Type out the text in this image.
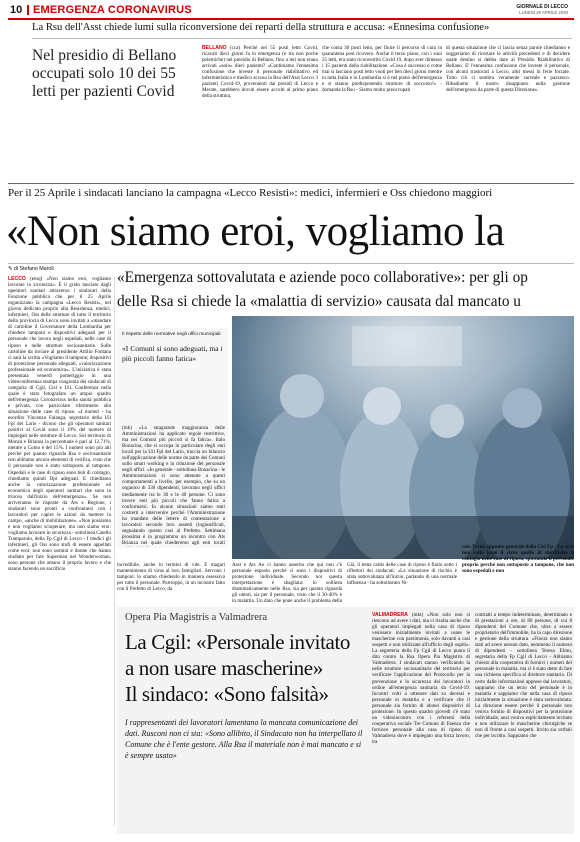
10 EMERGENZA CORONAVIRUS	GIORNALE DI LECCO
LUNEDÌ 20 APRILE 2020
La Rsu dell'Asst chiede lumi sulla riconversione dei reparti della struttura e accusa: «Ennesima confusione»
Nel presidio di Bellano occupati solo 10 dei 55 letti per pazienti Covid
BELLANO (cca) Perché nei 55 posti letto Covid, ricavati dieci giorni fa in emergenza (e tra non poche polemiche) nel presidio di Bellano, fino a ieri non erano arrivati «solo» dieci pazienti? «Continiamo l'ennesima confusione che investe il personale riabilitativo ed infermieristico e medico accusa la Rsu dell'Asst Lecco. I pazienti Covid-19, provenienti dai presidi di Lecco e Merate, sarebbero dovuti essere accolti al primo piano della struttura,
che conta 30 posti letto, per finire il percorso di cura in quarantena post ricovero. Anche il terzo piano, con i suoi 25 letti, era stato riconvertito Covid 19, dopo aver dimesso i 15 pazienti della riabilitazione. «Cosa è successo e come mai si lasciano posti letto vuoti per ben dieci giorni mentre in tutta Italia e in Lombardia si è nel pieno dell'emergenza e si stanno predisponendo strutture di soccorso?» - domanda la Rsu - Siamo molto preoccupati
di questa situazione che ci lascia senza parole chiedianno e suggeriamo di ricertare le attività precedenti e di decidere quale destino si debba dare al Presidio Riabilitativo di Bellano. E' l'ennesima confusione che investe il personale, con alcuni traslocati a Lecco, altri messi in ferie forzate. Tutto ciò ci sembra veramente surreale e pazzesco. Ribadiamo il nostro disappunto nella gestione dell'emergenza da parte di questa Direzione».
Per il 25 Aprile i sindacati lanciano la campagna «Lecco Resisti»: medici, infermieri e Oss chiedono maggiori
«Non siamo eroi, vogliamo la
✎ di Stefano Maroli	«Emergenza sottovalutata e aziende poco collaborative»: per gli op
delle Rsa si chiede la «malattia di servizio» causata dal mancato u
LECCO (emq) «Non siamo eroi, vogliamo lavorare in sicurezza». È il grido lanciato dagli operatori sanitari attraverso i sindacati della Funzione pubblica che per il 25 Aprile organizzano la campagna «Lecco Resisti», nel giorno dedicato proprio alla Resistenza, medici, infermieri, Oss delle strutture di tutto il territorio della provincia di Lecco sono invitati a «mandare di cartoline il Governatore della Lombardia per chiedere tamponi e dispositivi adeguati per il personale che lavora negli ospedali, nelle case di riposo e nelle strutture sociosanitarie. Sulle cartoline da inviare al presidente Attilio Fontana ci sarà la scritta «Vogliamo il tampone; dispositivi di protezione personale adeguati, «valorizzazione professionale ed economica». L'iniziativa è stata presentata venerdì pomeriggio in una videoconferenza stampa congiunta dei sindacati di categoria di Cgil, Cisl e Uil. Conferenza nella quale è stato fotografato un ampio quadro dell'emergenza Coronavirus nella sanità pubblica e privata, con particolare riferimento alla situazione delle case di riposo. «I numeri - ha esordito Vincenzo Falanga, segretario della Uil Fpl del Lario - dicono che gli operatori sanitari positivi al Covid sono il 19% del numero di impiegati nelle strutture di Lecco. Sul territorio di Monza e Brianza la percentuale è pari al 12,71%, mentre a Como è del 15%. I numeri sono più alti perché per quanto riguarda Rsa e sociosanitarie non abbiamo ancora elementi di verifica, visto che il personale non è stato sottoposto al tampone. Ospedali e le case di riposo sono hub di contagio, chiediamo quindi Dpi adeguati. E chiediamo anche la valorizzazione professionale ed economica degli operatori sanitari che sono in trincea dall'inizio dell'emergenza». Se non arriveranno le risposte da Ats e Regione, i sindacati sono pronti a confrontarsi con i lavoratori per capire le azioni da mettere in campo, «anche di mobilitazione». «Non possiamo e non vogliamo scioperare, ma non siamo eroi: vogliamo lavorare in sicurezza - sottolinea Catello Tramparulo, della Fp Cgil di Lecco - I medici gli infermieri, gli Oss sono stufi di essere appellati come eroi: non sono uomini e donne che hanno studiato per fare Superman nel Wonderwoman, sono persone che amano il proprio lavoro e che stanno facendo un sacrificio
Il rispetto delle normative negli uffici municipali
«I Comuni si sono adeguati, ma i più piccoli fanno fatica»
(mk) «La stragrande maggioranza delle Amministrazioni ha applicato regole restrittive, ma nei Comuni più piccoli si fa fatica». Italo Bonacina, che si occupa in particolare degli enti locali per la Uil Fpl del Lario, traccia un bilancio sull'applicazione delle norme da parte dei Comuni sullo smart working e la riduzione del personale negli uffici. «In generale - sottolinea Bonacina - le Amministrazioni si sono attenute a questi comportamenti a livello, per esempio, che su un organico di 330 dipendenti, lavorano negli uffici mediamente tra le 30 e le 40 persone. Ci sono invece enti più piccoli che fanno fatica a conformarsi. In alcune situazioni siamo stati costretti a intervenire perché l'Amministrazione ha mandato delle lettere di contestazione a lavoratori secondo loro assenti (ingiustificati, segnalando questo casi al Prefetto. Settimana prossima è in programma un incontro con Ats Brianza nel quale chiederemo agli enti locali
incredibile, anche in termini di vite. E magari mantenimento di virus al loro famigliari. Servono i tamponi: lo stiamo chiedendo in maniera ossessiva per tutto il personale. Purtroppo, in un incontro fatto con il Prefetto di Lecco, da
Asst e Ats Ao ci hanno asserito che qui non c'è personale esposto perché ci sono i dispositivi di protezione individuale. Secondo noi questa interpretazione è sbagliata: lo sollinea drammaticamente nelle Rsa, sia per quanto riguarda gli utenti, sia per il personale, visto che il 30-40% è in malattia. Un dato che pone anche il problema della
Già, il tema caldo delle case di riposo è finito sotto i riflettori dei sindacati. «La situazione di rischio è stata sottovalutata all'inizio, parlando di una normale influenza - ha sottolineato Ni-
cola Tardo appunto generale della Cisl Fp - La crisi non sulla lente il virus quello di distribuire il contagio nelle case di riposo, spostando il personale proprio perché non sottoposto a tampone, che non sono ospedali e non
Opera Pia Magistris a Valmadrera
La Cgil: «Personale invitato
a non usare mascherine»
Il sindaco: «Sono falsità»
I rappresentanti dei lavoratori lamentano la mancata comunicazione dei dati. Rusconi non ci sta: «Sono allibito, il Sindacato non ha interpellato il Comune che è l'ente gestore. Alla Rsa il materiale non è mai mancato e si è sempre usato»
VALMADRERA (mkt) «Non solo non si riescono ad avere i dati, ma ci risulta anche che gli operatori impiegati nella casa di riposo venissero inizialmente invitati a usare le mascherine con parsimonia, solo davanti a casi sospetti e non utilizzate all'ufficio degli ospiti». La segreteria della Fp Cgil di Lecco punta il dito contro la Rsa Opera Pia Magistris di Valmadrera. I sindacati stanno verificando la nelle strutture sociosanitarie del territorio per verificare l'applicazione del Protocollo per la prevenzione e la sicurezza dei lavoratori in ordine all'emergenza sanitaria da Covid-19. Incontri volti a ottenere dati su decessi e personale in malattia e a verificare che il personale sia fornito di idonei dispositivi di protezione. In questo quadro giovedì c'è stato un videoincontro con i referenti della cooperativa sociale Tre Comuni di Faenza che fornisce personale alla casa di riposo di Valmadrera dove è impiegato una forza lavoro, tra
contratti a tempo indeterminato, determinato e di prestazioni a ore, di 80 persone, di cui 8 dipendenti del Comune che, oltre a essere proprietario dell'immobile, ha la capo direzione e gestione della struttura. «Finora non siamo stati ad avere nessun dato, nemmeno il numero di dipendenti - sottolinea Teresa Elmo, segretaria della Fp Cgil di Lecco - Abbiamo chiesto alla cooperativa di fornirci i numeri del personale in malattia, ma ci è stato detto di fare una richiesta specifica al direttore sanitario. Di certo dalle informazioni apprese dai lavoratori, sappiamo che un terzo del personale è in malattia e sappiamo che nella casa di riposo inizialmente la situazione è stata sottovalutata. La direzione essere perché il personale non veniva fornito di dispositivi per la protezione individuale, anzi veniva esplicitamente invitato a non utilizzare le mascherine chirurgiche se non di fronte a casi sospetti. Invito sia verbali che per iscritto. Sappiamo che
